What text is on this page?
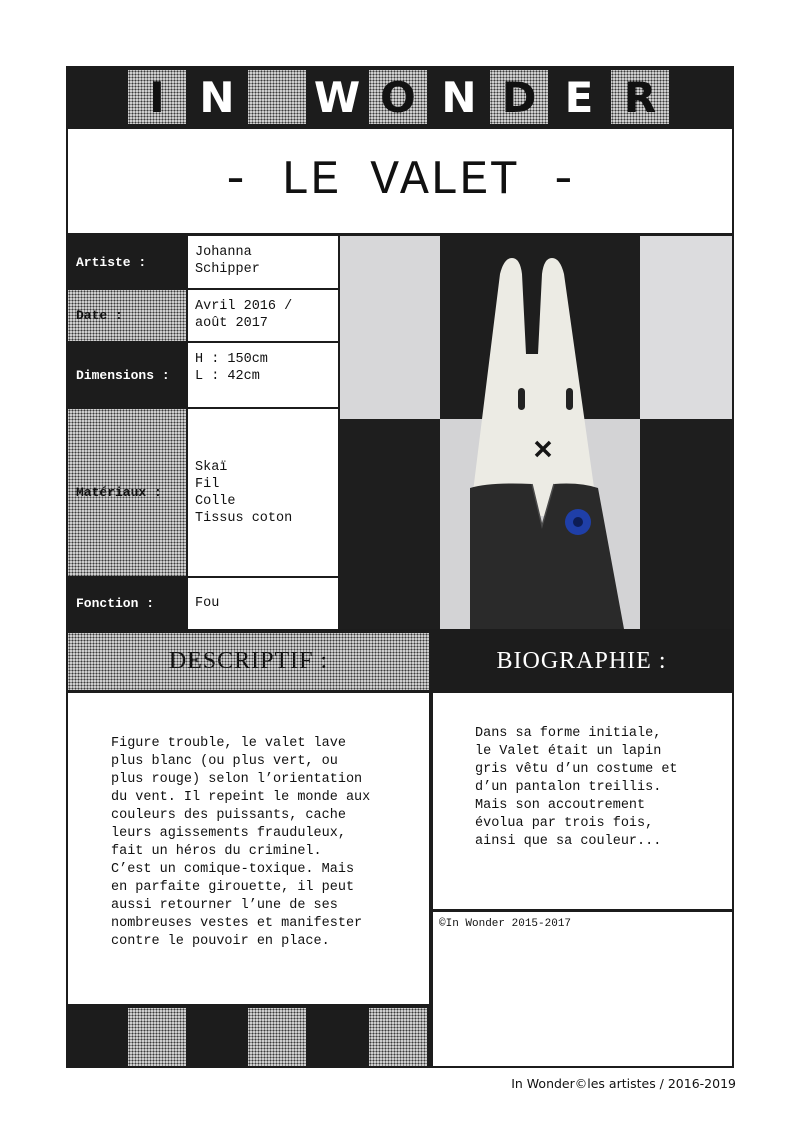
I N W O N D E R
- LE VALET -
Artiste :
Date :
Dimensions :
Matériaux :
Fonction :
Johanna
Schipper
Avril 2016 /
août 2017
H : 150cm
L : 42cm
Skaï
Fil
Colle
Tissus coton
Fou
DESCRIPTIF :	BIOGRAPHIE :
Figure trouble, le valet lave
plus blanc (ou plus vert, ou
plus rouge) selon l’orientation
du vent. Il repeint le monde aux
couleurs des puissants, cache
leurs agissements frauduleux,
fait un héros du criminel.
C’est un comique-toxique. Mais
en parfaite girouette, il peut
aussi retourner l’une de ses
nombreuses vestes et manifester
contre le pouvoir en place.
Dans sa forme initiale,
le Valet était un lapin
gris vêtu d’un costume et
d’un pantalon treillis.
Mais son accoutrement
évolua par trois fois,
ainsi que sa couleur...
©In Wonder 2015-2017
In Wonder©les artistes / 2016-2019
